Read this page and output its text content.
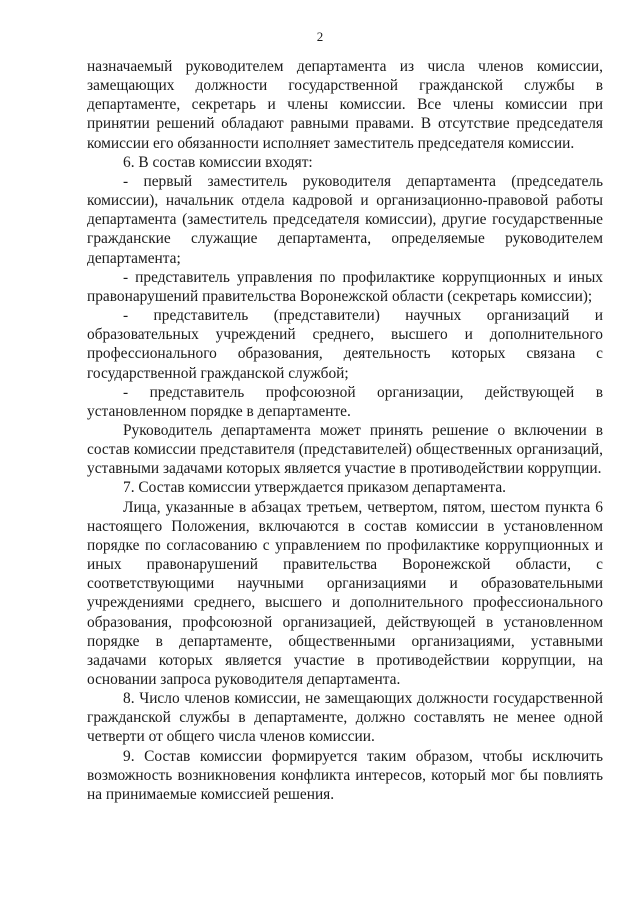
2

назначаемый руководителем департамента из числа членов комиссии, замещающих должности государственной гражданской службы в департаменте, секретарь и члены комиссии. Все члены комиссии при принятии решений обладают равными правами. В отсутствие председателя комиссии его обязанности исполняет заместитель председателя комиссии.

6. В состав комиссии входят:

- первый заместитель руководителя департамента (председатель комиссии), начальник отдела кадровой и организационно-правовой работы департамента (заместитель председателя комиссии), другие государственные гражданские служащие департамента, определяемые руководителем департамента;

- представитель управления по профилактике коррупционных и иных правонарушений правительства Воронежской области (секретарь комиссии);

- представитель (представители) научных организаций и образовательных учреждений среднего, высшего и дополнительного профессионального образования, деятельность которых связана с государственной гражданской службой;

- представитель профсоюзной организации, действующей в установленном порядке в департаменте.

Руководитель департамента может принять решение о включении в состав комиссии представителя (представителей) общественных организаций, уставными задачами которых является участие в противодействии коррупции.

7. Состав комиссии утверждается приказом департамента.

Лица, указанные в абзацах третьем, четвертом, пятом, шестом пункта 6 настоящего Положения, включаются в состав комиссии в установленном порядке по согласованию с управлением по профилактике коррупционных и иных правонарушений правительства Воронежской области, с соответствующими научными организациями и образовательными учреждениями среднего, высшего и дополнительного профессионального образования, профсоюзной организацией, действующей в установленном порядке в департаменте, общественными организациями, уставными задачами которых является участие в противодействии коррупции, на основании запроса руководителя департамента.

8. Число членов комиссии, не замещающих должности государственной гражданской службы в департаменте, должно составлять не менее одной четверти от общего числа членов комиссии.

9. Состав комиссии формируется таким образом, чтобы исключить возможность возникновения конфликта интересов, который мог бы повлиять на принимаемые комиссией решения.
